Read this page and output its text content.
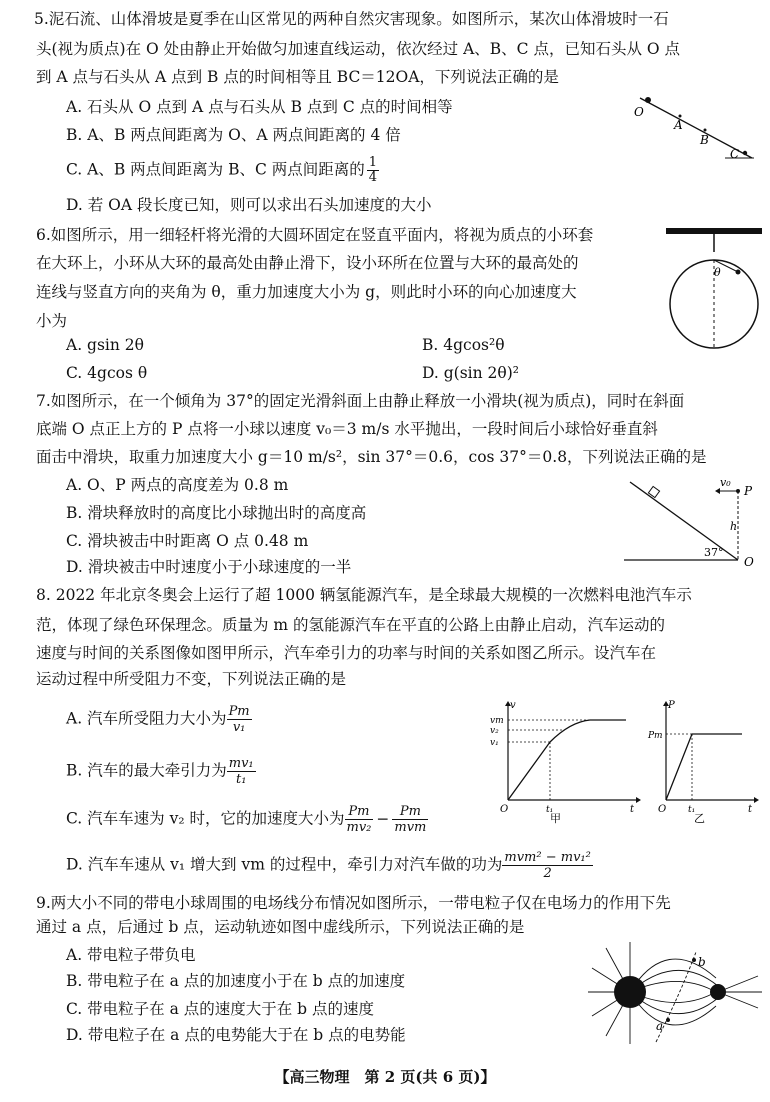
5.泥石流、山体滑坡是夏季在山区常见的两种自然灾害现象。如图所示，某次山体滑坡时一石
头(视为质点)在 O 处由静止开始做匀加速直线运动，依次经过 A、B、C 点，已知石头从 O 点
到 A 点与石头从 A 点到 B 点的时间相等且 BC＝12OA，下列说法正确的是
A. 石头从 O 点到 A 点与石头从 B 点到 C 点的时间相等
B. A、B 两点间距离为 O、A 两点间距离的 4 倍
C. A、B 两点间距离为 B、C 两点间距离的 $\frac{1}{4}$
D. 若 OA 段长度已知，则可以求出石头加速度的大小
O
A
B
C
6.如图所示，用一细轻杆将光滑的大圆环固定在竖直平面内，将视为质点的小环套
在大环上，小环从大环的最高处由静止滑下，设小环所在位置与大环的最高处的
连线与竖直方向的夹角为 θ，重力加速度大小为 g，则此时小环的向心加速度大
小为
A. gsin 2θ	B. 4gcos²θ
C. 4gcos θ	D. g(sin 2θ)²
θ
7.如图所示，在一个倾角为 37°的固定光滑斜面上由静止释放一小滑块(视为质点)，同时在斜面
底端 O 点正上方的 P 点将一小球以速度 v₀＝3 m/s 水平抛出，一段时间后小球恰好垂直斜
面击中滑块，取重力加速度大小 g＝10 m/s²，sin 37°＝0.6，cos 37°＝0.8，下列说法正确的是
A. O、P 两点的高度差为 0.8 m
B. 滑块释放时的高度比小球抛出时的高度高
C. 滑块被击中时距离 O 点 0.48 m
D. 滑块被击中时速度小于小球速度的一半
v₀
P
h
37°
O
8. 2022 年北京冬奥会上运行了超 1000 辆氢能源汽车，是全球最大规模的一次燃料电池汽车示
范，体现了绿色环保理念。质量为 m 的氢能源汽车在平直的公路上由静止启动，汽车运动的
速度与时间的关系图像如图甲所示，汽车牵引力的功率与时间的关系如图乙所示。设汽车在
运动过程中所受阻力不变，下列说法正确的是
A. 汽车所受阻力大小为 $\frac{Pm}{\text{v₁}}$
B. 汽车的最大牵引力为 $\frac{\text{mv₁}}{\text{t₁}}$
C. 汽车车速为 v₂ 时，它的加速度大小为 $\frac{Pm}{\text{mv₂}} - Pm$
mvm
D. 汽车车速从 v₁ 增大到 vm 的过程中，牵引力对汽车做的功为 mvm² − mv₁²
2
v
vm
v₂
v₁
O	t₁	t
甲
P
Pm
O t₁	t
乙
9.两大小不同的带电小球周围的电场线分布情况如图所示，一带电粒子仅在电场力的作用下先
通过 a 点，后通过 b 点，运动轨迹如图中虚线所示，下列说法正确的是
A. 带电粒子带负电
B. 带电粒子在 a 点的加速度小于在 b 点的加速度
C. 带电粒子在 a 点的速度大于在 b 点的速度
D. 带电粒子在 a 点的电势能大于在 b 点的电势能
b
a
【高三物理　第 2 页(共 6 页)】
